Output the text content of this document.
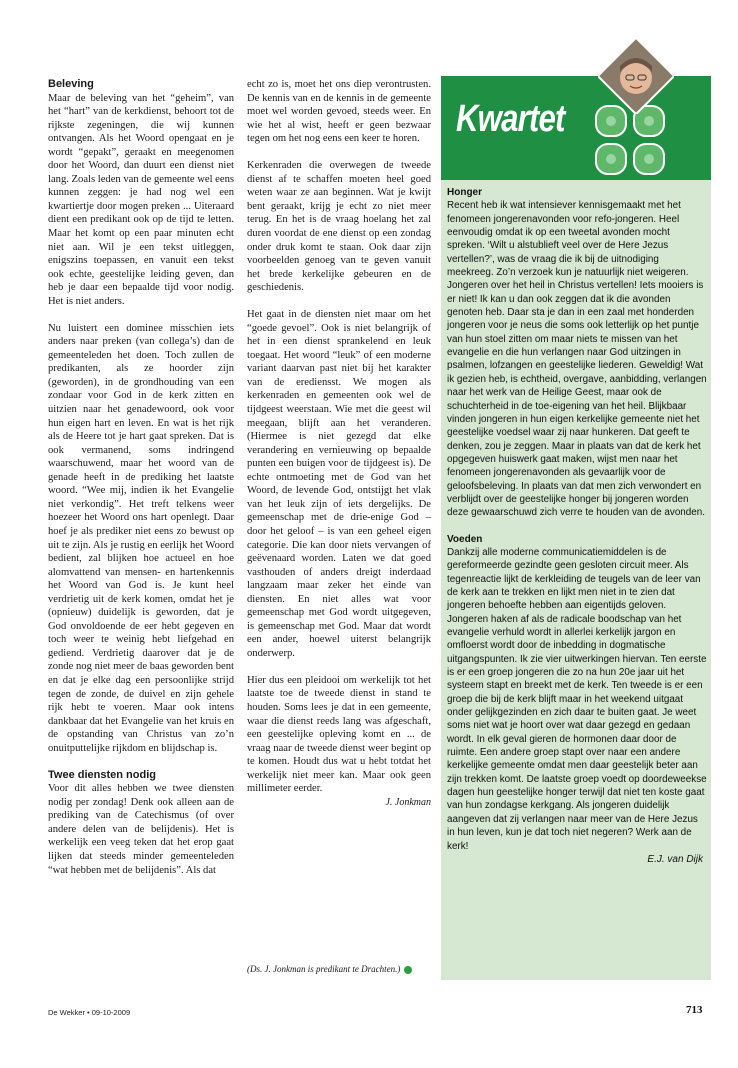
Beleving

Maar de beleving van het “geheim”, van het “hart” van de kerkdienst, behoort tot de rijkste zegeningen, die wij kunnen ontvangen. Als het Woord opengaat en je wordt “gepakt”, geraakt en meegenomen door het Woord, dan duurt een dienst niet lang. Zoals leden van de gemeente wel eens kunnen zeggen: je had nog wel een kwartiertje door mogen preken ... Uiteraard dient een predikant ook op de tijd te letten. Maar het komt op een paar minuten echt niet aan. Wil je een tekst uitleggen, enigszins toepassen, en vanuit een tekst ook echte, geestelijke leiding geven, dan heb je daar een bepaalde tijd voor nodig. Het is niet anders.

Nu luistert een dominee misschien iets anders naar preken (van collega’s) dan de gemeenteleden het doen. Toch zullen de predikanten, als ze hoorder zijn (geworden), in de grondhouding van een zondaar voor God in de kerk zitten en uitzien naar het genadewoord, ook voor hun eigen hart en leven. En wat is het rijk als de Heere tot je hart gaat spreken. Dat is ook vermanend, soms indringend waarschuwend, maar het woord van de genade heeft in de prediking het laatste woord. “Wee mij, indien ik het Evangelie niet verkondig”. Het treft telkens weer hoezeer het Woord ons hart openlegt. Daar hoef je als prediker niet eens zo bewust op uit te zijn. Als je rustig en eerlijk het Woord bedient, zal blijken hoe actueel en hoe alomvattend van mensen- en hartenkennis het Woord van God is. Je kunt heel verdrietig uit de kerk komen, omdat het je (opnieuw) duidelijk is geworden, dat je God onvoldoende de eer hebt gegeven en toch weer te weinig hebt liefgehad en gediend. Verdrietig daarover dat je de zonde nog niet meer de baas geworden bent en dat je elke dag een persoonlijke strijd tegen de zonde, de duivel en zijn gehele rijk hebt te voeren. Maar ook intens dankbaar dat het Evangelie van het kruis en de opstanding van Christus van zo’n onuitputtelijke rijkdom en blijdschap is.

Twee diensten nodig

Voor dit alles hebben we twee diensten nodig per zondag! Denk ook alleen aan de prediking van de Catechismus (of over andere delen van de belijdenis). Het is werkelijk een veeg teken dat het erop gaat lijken dat steeds minder gemeenteleden “wat hebben met de belijdenis”. Als dat

echt zo is, moet het ons diep verontrusten. De kennis van en de kennis in de gemeente moet wel worden gevoed, steeds weer. En wie het al wist, heeft er geen bezwaar tegen om het nog eens een keer te horen.

Kerkenraden die overwegen de tweede dienst af te schaffen moeten heel goed weten waar ze aan beginnen. Wat je kwijt bent geraakt, krijg je echt zo niet meer terug. En het is de vraag hoelang het zal duren voordat de ene dienst op een zondag onder druk komt te staan. Ook daar zijn voorbeelden genoeg van te geven vanuit het brede kerkelijke gebeuren en de geschiedenis.

Het gaat in de diensten niet maar om het “goede gevoel”. Ook is niet belangrijk of het in een dienst sprankelend en leuk toegaat. Het woord “leuk” of een moderne variant daarvan past niet bij het karakter van de erediensst. We mogen als kerkenraden en gemeenten ook wel de tijdgeest weerstaan. Wie met die geest wil meegaan, blijft aan het veranderen. (Hiermee is niet gezegd dat elke verandering en vernieuwing op bepaalde punten een buigen voor de tijdgeest is). De echte ontmoeting met de God van het Woord, de levende God, ontstijgt het vlak van het leuk zijn of iets dergelijks. De gemeenschap met de drie-enige God – door het geloof – is van een geheel eigen categorie. Die kan door niets vervangen of geëvenaard worden. Laten we dat goed vasthouden of anders dreigt inderdaad langzaam maar zeker het einde van diensten. En niet alles wat voor gemeenschap met God wordt uitgegeven, is gemeenschap met God. Maar dat wordt een ander, hoewel uiterst belangrijk onderwerp.

Hier dus een pleidooi om werkelijk tot het laatste toe de tweede dienst in stand te houden. Soms lees je dat in een gemeente, waar die dienst reeds lang was afgeschaft, een geestelijke opleving komt en ... de vraag naar de tweede dienst weer begint op te komen. Houdt dus wat u hebt totdat het werkelijk niet meer kan. Maar ook geen millimeter eerder.

J. Jonkman
(Ds. J. Jonkman is predikant te Drachten.)
Kwartet
Honger

Recent heb ik wat intensiever kennisgemaakt met het fenomeen jongerenavonden voor refo-jongeren. Heel eenvoudig omdat ik op een tweetal avonden mocht spreken. ‘Wilt u alstublieft veel over de Here Jezus vertellen?’, was de vraag die ik bij de uitnodiging meekreeg. Zo’n verzoek kun je natuurlijk niet weigeren. Jongeren over het heil in Christus vertellen! Iets mooiers is er niet! Ik kan u dan ook zeggen dat ik die avonden genoten heb. Daar sta je dan in een zaal met honderden jongeren voor je neus die soms ook letterlijk op het puntje van hun stoel zitten om maar niets te missen van het evangelie en die hun verlangen naar God uitzingen in psalmen, lofzangen en geestelijke liederen. Geweldig! Wat ik gezien heb, is echtheid, overgave, aanbidding, verlangen naar het werk van de Heilige Geest, maar ook de schuchterheid in de toe-eigening van het heil. Blijkbaar vinden jongeren in hun eigen kerkelijke gemeente niet het geestelijke voedsel waar zij naar hunkeren. Dat geeft te denken, zou je zeggen. Maar in plaats van dat de kerk het opgegeven huiswerk gaat maken, wijst men naar het fenomeen jongerenavonden als gevaarlijk voor de geloofsbeleving. In plaats van dat men zich verwondert en verblijdt over de geestelijke honger bij jongeren worden deze gewaarschuwd zich verre te houden van de avonden.

Voeden

Dankzij alle moderne communicatiemiddelen is de gereformeerde gezindte geen gesloten circuit meer. Als tegenreactie lijkt de kerkleiding de teugels van de leer van de kerk aan te trekken en lijkt men niet in te zien dat jongeren behoefte hebben aan eigentijds geloven. Jongeren haken af als de radicale boodschap van het evangelie verhuld wordt in allerlei kerkelijk jargon en omfloerst wordt door de inbedding in dogmatische uitgangspunten. Ik zie vier uitwerkingen hiervan. Ten eerste is er een groep jongeren die zo na hun 20e jaar uit het systeem stapt en breekt met de kerk. Ten tweede is er een groep die bij de kerk blijft maar in het weekend uitgaat onder gelijkgezinden en zich daar te buiten gaat. Je weet soms niet wat je hoort over wat daar gezegd en gedaan wordt. In elk geval gieren de hormonen daar door de ruimte. Een andere groep stapt over naar een andere kerkelijke gemeente omdat men daar geestelijk beter aan zijn trekken komt. De laatste groep voedt op doordeweekse dagen hun geestelijke honger terwijl dat niet ten koste gaat van hun zondagse kerkgang. Als jongeren duidelijk aangeven dat zij verlangen naar meer van de Here Jezus in hun leven, kun je dat toch niet negeren? Werk aan de kerk!

E.J. van Dijk
De Wekker • 09-10-2009	713
